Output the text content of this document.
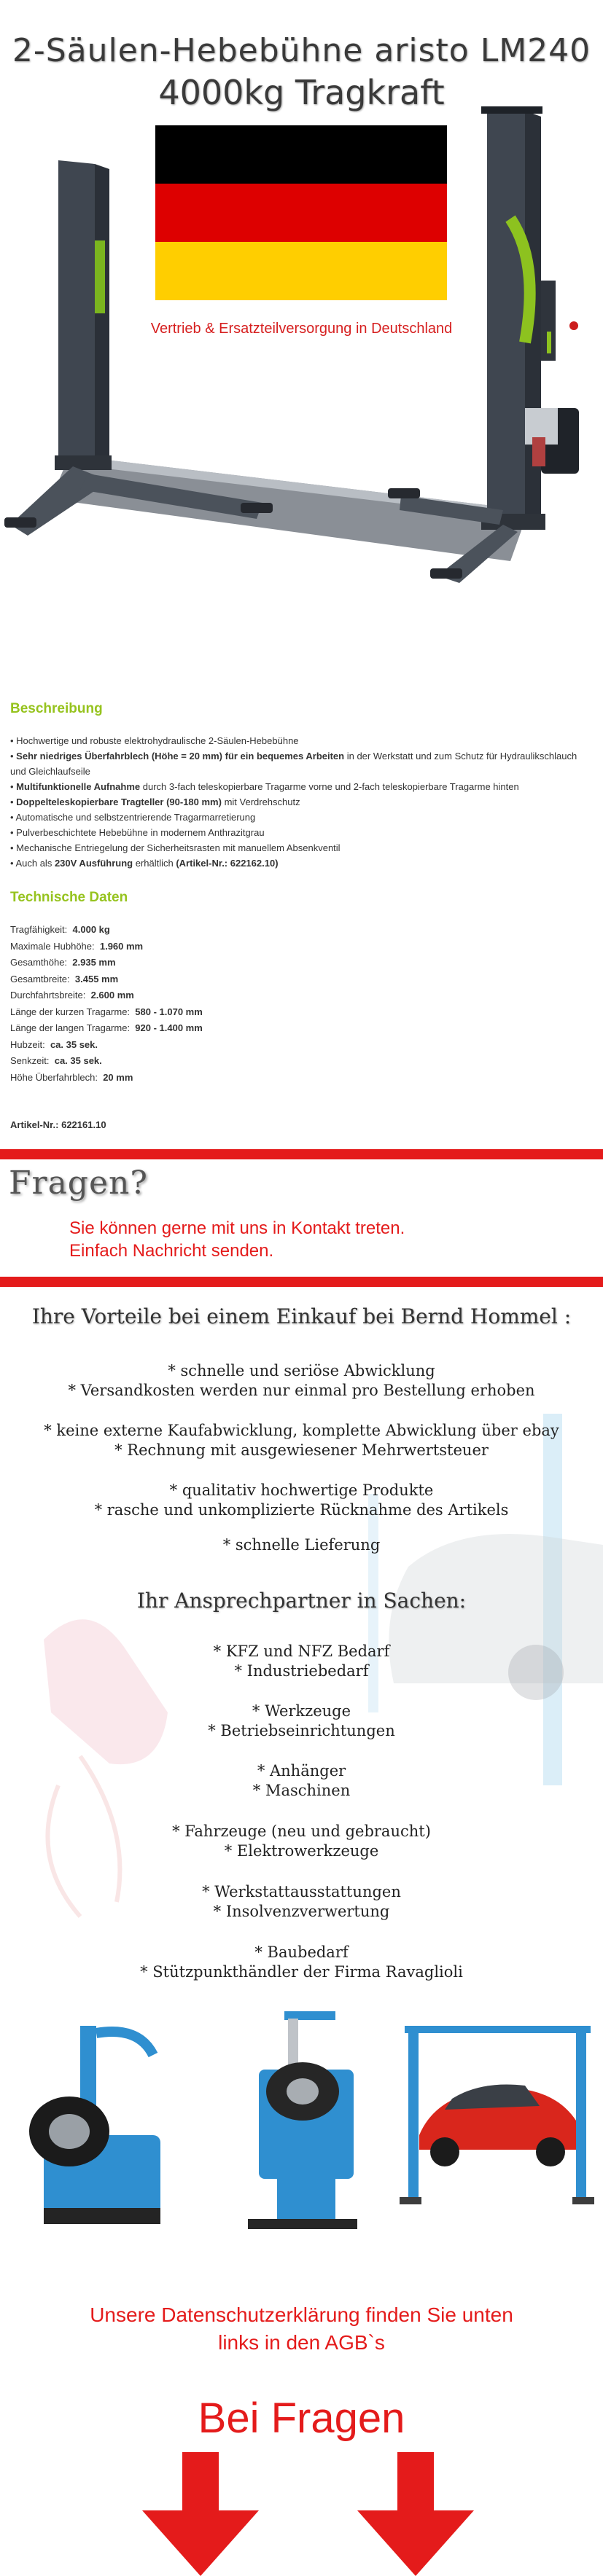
2-Säulen-Hebebühne aristo LM240
4000kg Tragkraft
Vertrieb & Ersatzteilversorgung in Deutschland
Beschreibung
• Hochwertige und robuste elektrohydraulische 2-Säulen-Hebebühne
• Sehr niedriges Überfahrblech (Höhe = 20 mm) für ein bequemes Arbeiten in der Werkstatt und zum Schutz für Hydraulikschlauch und Gleichlaufseile
• Multifunktionelle Aufnahme durch 3-fach teleskopierbare Tragarme vorne und 2-fach teleskopierbare Tragarme hinten
• Doppelteleskopierbare Tragteller (90-180 mm) mit Verdrehschutz
• Automatische und selbstzentrierende Tragarmarretierung
• Pulverbeschichtete Hebebühne in modernem Anthrazitgrau
• Mechanische Entriegelung der Sicherheitsrasten mit manuellem Absenkventil
• Auch als 230V Ausführung erhältlich (Artikel-Nr.: 622162.10)
Technische Daten
Tragfähigkeit: 4.000 kg
Maximale Hubhöhe: 1.960 mm
Gesamthöhe: 2.935 mm
Gesamtbreite: 3.455 mm
Durchfahrtsbreite: 2.600 mm
Länge der kurzen Tragarme: 580 - 1.070 mm
Länge der langen Tragarme: 920 - 1.400 mm
Hubzeit: ca. 35 sek.
Senkzeit: ca. 35 sek.
Höhe Überfahrblech: 20 mm
Artikel-Nr.: 622161.10
Fragen?
Sie können gerne mit uns in Kontakt treten.
Einfach Nachricht senden.
Ihre Vorteile bei einem Einkauf bei Bernd Hommel :
* schnelle und seriöse Abwicklung
* Versandkosten werden nur einmal pro Bestellung erhoben
* keine externe Kaufabwicklung, komplette Abwicklung über ebay
* Rechnung mit ausgewiesener Mehrwertsteuer
* qualitativ hochwertige Produkte
* rasche und unkomplizierte Rücknahme des Artikels
* schnelle Lieferung
Ihr Ansprechpartner in Sachen:
* KFZ und NFZ Bedarf
* Industriebedarf
* Werkzeuge
* Betriebseinrichtungen
* Anhänger
* Maschinen
* Fahrzeuge (neu und gebraucht)
* Elektrowerkzeuge
* Werkstattausstattungen
* Insolvenzverwertung
* Baubedarf
* Stützpunkthändler der Firma Ravaglioli
Unsere Datenschutzerklärung finden Sie unten
links in den AGB`s
Bei Fragen
